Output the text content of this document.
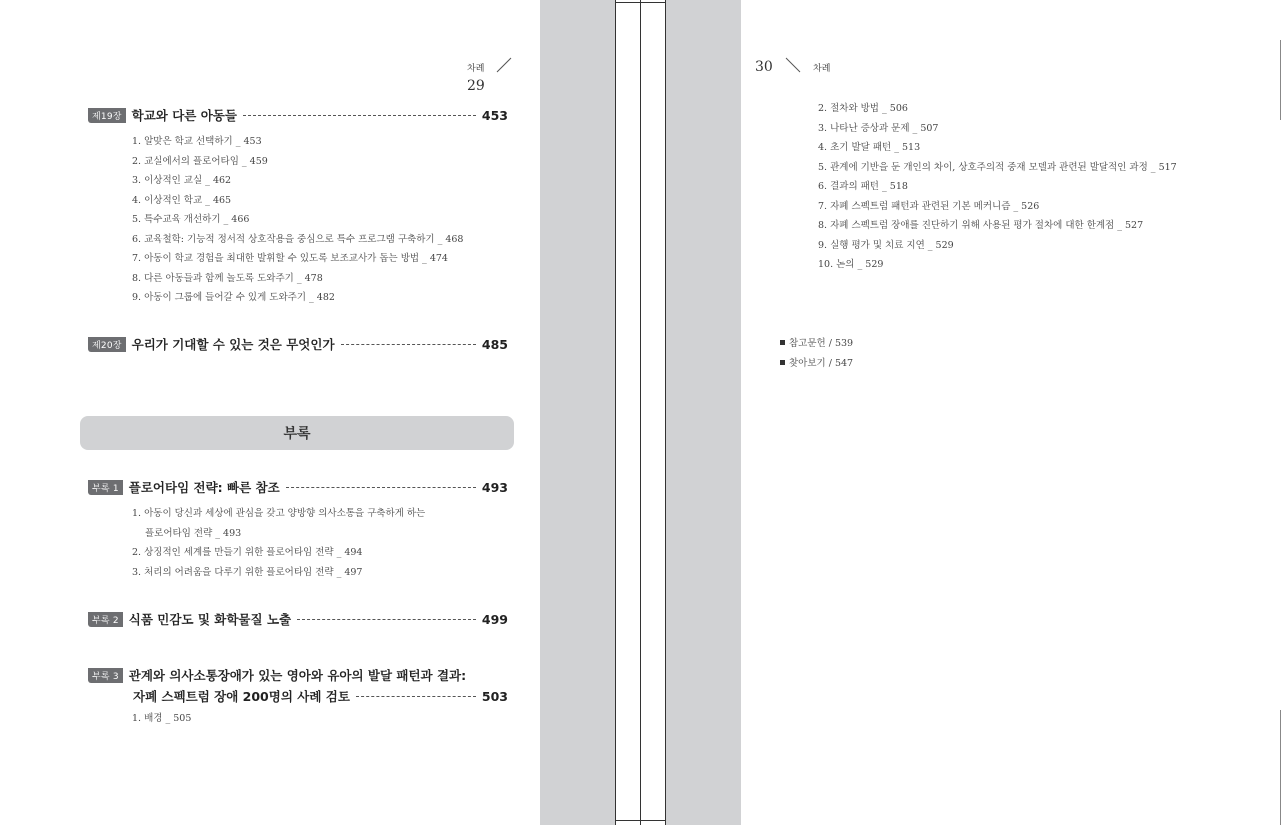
차례  29
제19장 학교와 다른 아동들	453
1. 알맞은 학교 선택하기 _ 453
2. 교실에서의 플로어타임 _ 459
3. 이상적인 교실 _ 462
4. 이상적인 학교 _ 465
5. 특수교육 개선하기 _ 466
6. 교육철학: 기능적 정서적 상호작용을 중심으로 특수 프로그램 구축하기 _ 468
7. 아동이 학교 경험을 최대한 발휘할 수 있도록 보조교사가 돕는 방법 _ 474
8. 다른 아동들과 함께 놀도록 도와주기 _ 478
9. 아동이 그룹에 들어갈 수 있게 도와주기 _ 482
제20장 우리가 기대할 수 있는 것은 무엇인가	485
부록
부록 1 플로어타임 전략: 빠른 참조	493
1. 아동이 당신과 세상에 관심을 갖고 양방향 의사소통을 구축하게 하는
플로어타임 전략 _ 493
2. 상징적인 세계를 만들기 위한 플로어타임 전략 _ 494
3. 처리의 어려움을 다루기 위한 플로어타임 전략 _ 497
부록 2 식품 민감도 및 화학물질 노출	499
부록 3 관계와 의사소통장애가 있는 영아와 유아의 발달 패턴과 결과:
자폐 스펙트럼 장애 200명의 사례 검토	503
1. 배경 _ 505
30	차례
2. 절차와 방법 _ 506
3. 나타난 증상과 문제 _ 507
4. 초기 발달 패턴 _ 513
5. 관계에 기반을 둔 개인의 차이, 상호주의적 중재 모델과 관련된 발달적인 과정 _ 517
6. 결과의 패턴 _ 518
7. 자폐 스펙트럼 패턴과 관련된 기본 메커니즘 _ 526
8. 자폐 스펙트럼 장애를 진단하기 위해 사용된 평가 절차에 대한 한계점 _ 527
9. 실행 평가 및 치료 지연 _ 529
10. 논의 _ 529
참고문헌 / 539
찾아보기 / 547
